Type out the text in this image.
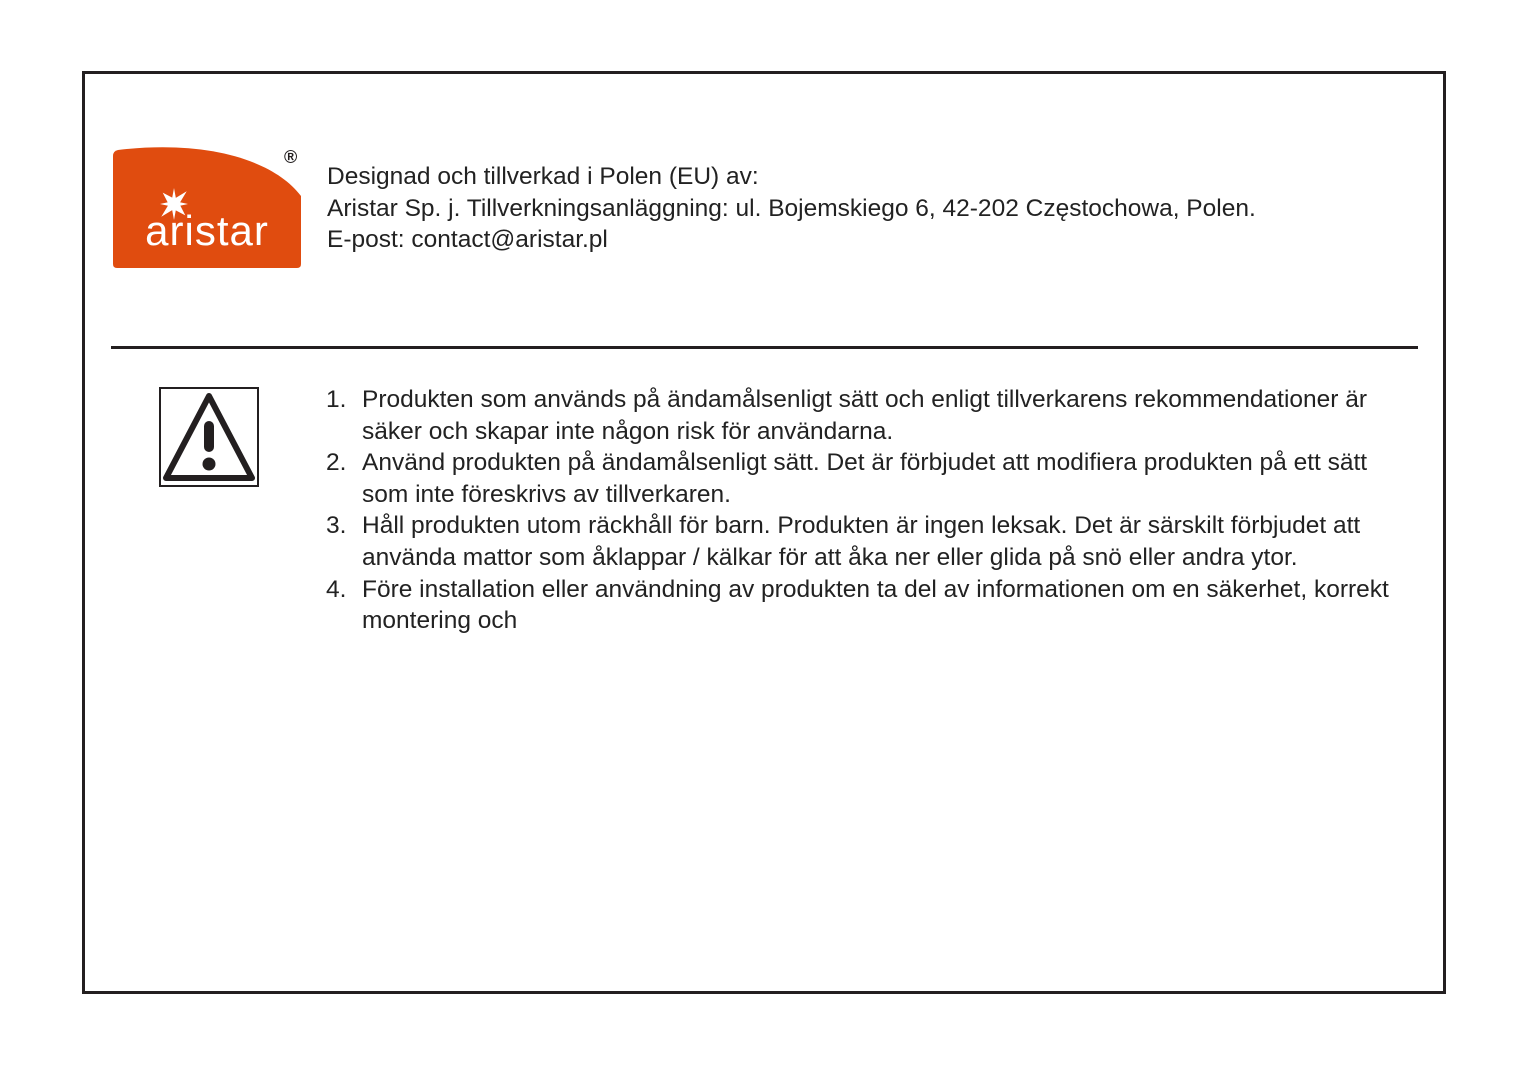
®
aristar
Designad och tillverkad i Polen (EU) av:
Aristar Sp. j. Tillverkningsanläggning: ul. Bojemskiego 6, 42-202 Częstochowa, Polen.
E-post: contact@aristar.pl
1. Produkten som används på ändamålsenligt sätt och enligt tillverkarens rekommendationer är säker och skapar inte någon risk för användarna.
2. Använd produkten på ändamålsenligt sätt. Det är förbjudet att modifiera produkten på ett sätt som inte föreskrivs av tillverkaren.
3. Håll produkten utom räckhåll för barn. Produkten är ingen leksak. Det är särskilt förbjudet att använda mattor som åklappar / kälkar för att åka ner eller glida på snö eller andra ytor.
4. Före installation eller användning av produkten ta del av informationen om en säkerhet, korrekt montering och
